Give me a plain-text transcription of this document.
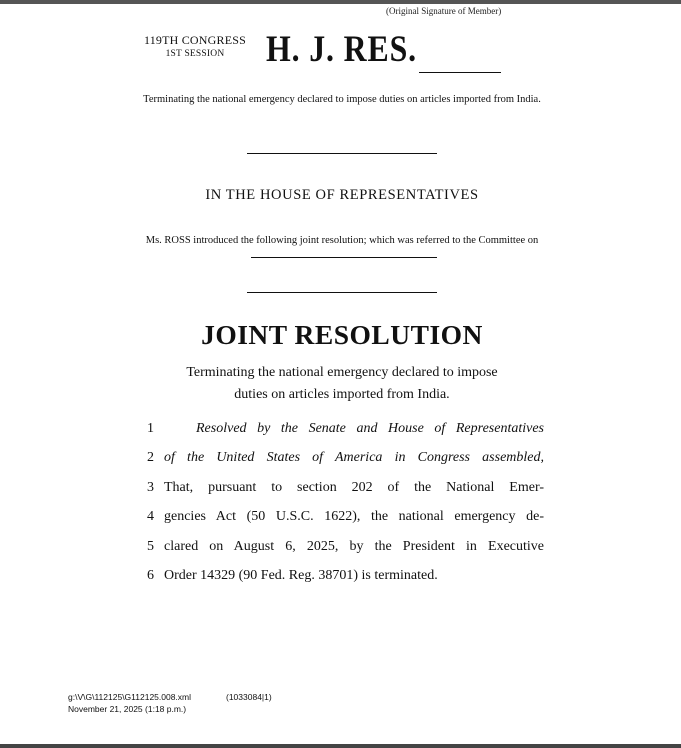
(Original Signature of Member)
119TH CONGRESS
1ST SESSION	H. J. RES.
Terminating the national emergency declared to impose duties on articles imported from India.
IN THE HOUSE OF REPRESENTATIVES
Ms. ROSS introduced the following joint resolution; which was referred to the Committee on
JOINT RESOLUTION
Terminating the national emergency declared to impose
duties on articles imported from India.
1	Resolved by the Senate and House of Representatives
2 of the United States of America in Congress assembled,
3 That, pursuant to section 202 of the National Emer-
4 gencies Act (50 U.S.C. 1622), the national emergency de-
5 clared on August 6, 2025, by the President in Executive
6 Order 14329 (90 Fed. Reg. 38701) is terminated.
g:\V\G\112125\G112125.008.xml	(1033084|1)
November 21, 2025 (1:18 p.m.)
